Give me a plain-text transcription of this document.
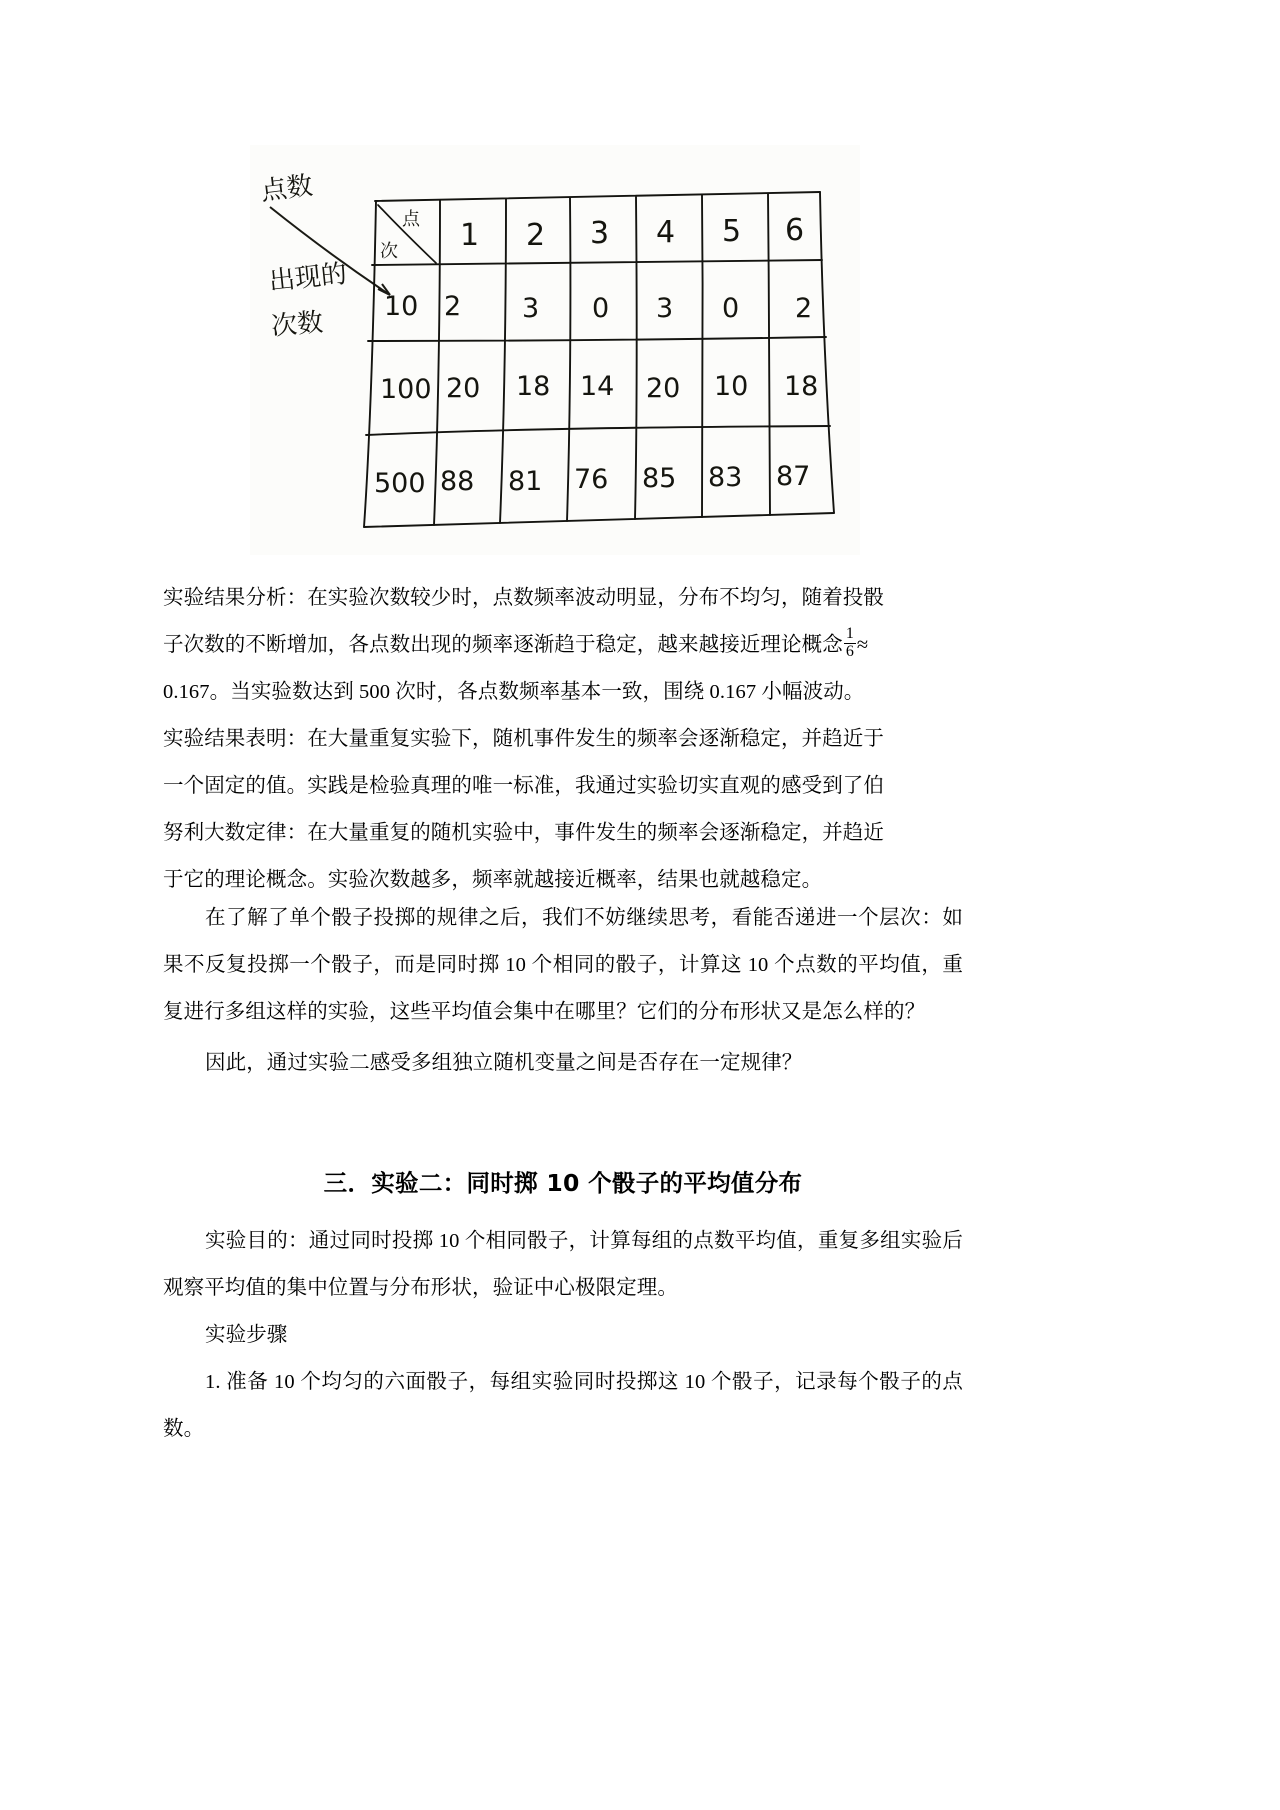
点数
出现的
次数
点
次 1 2 3 4 5 6
10 2 3 0 3 0 2
100 20 18 14 20 10 18
500 88 81 76 85 83 87

实验结果分析：在实验次数较少时，点数频率波动明显，分布不均匀，随着投骰

子次数的不断增加，各点数出现的频率逐渐趋于稳定，越来越接近理论概念 $\frac{1}{6}$ ≈

0.167。当实验数达到 500 次时，各点数频率基本一致，围绕 0.167 小幅波动。

实验结果表明：在大量重复实验下，随机事件发生的频率会逐渐稳定，并趋近于

一个固定的值。实践是检验真理的唯一标准，我通过实验切实直观的感受到了伯

努利大数定律：在大量重复的随机实验中，事件发生的频率会逐渐稳定，并趋近

于它的理论概念。实验次数越多，频率就越接近概率，结果也就越稳定。

在了解了单个骰子投掷的规律之后，我们不妨继续思考，看能否递进一个层次：如果不反复投掷一个骰子，而是同时掷 10 个相同的骰子，计算这 10 个点数的平均值，重复进行多组这样的实验，这些平均值会集中在哪里？它们的分布形状又是怎么样的？

因此，通过实验二感受多组独立随机变量之间是否存在一定规律？

三．实验二：同时掷 10 个骰子的平均值分布

实验目的：通过同时投掷 10 个相同骰子，计算每组的点数平均值，重复多组实验后观察平均值的集中位置与分布形状，验证中心极限定理。

实验步骤

1. 准备 10 个均匀的六面骰子，每组实验同时投掷这 10 个骰子，记录每个骰子的点数。
